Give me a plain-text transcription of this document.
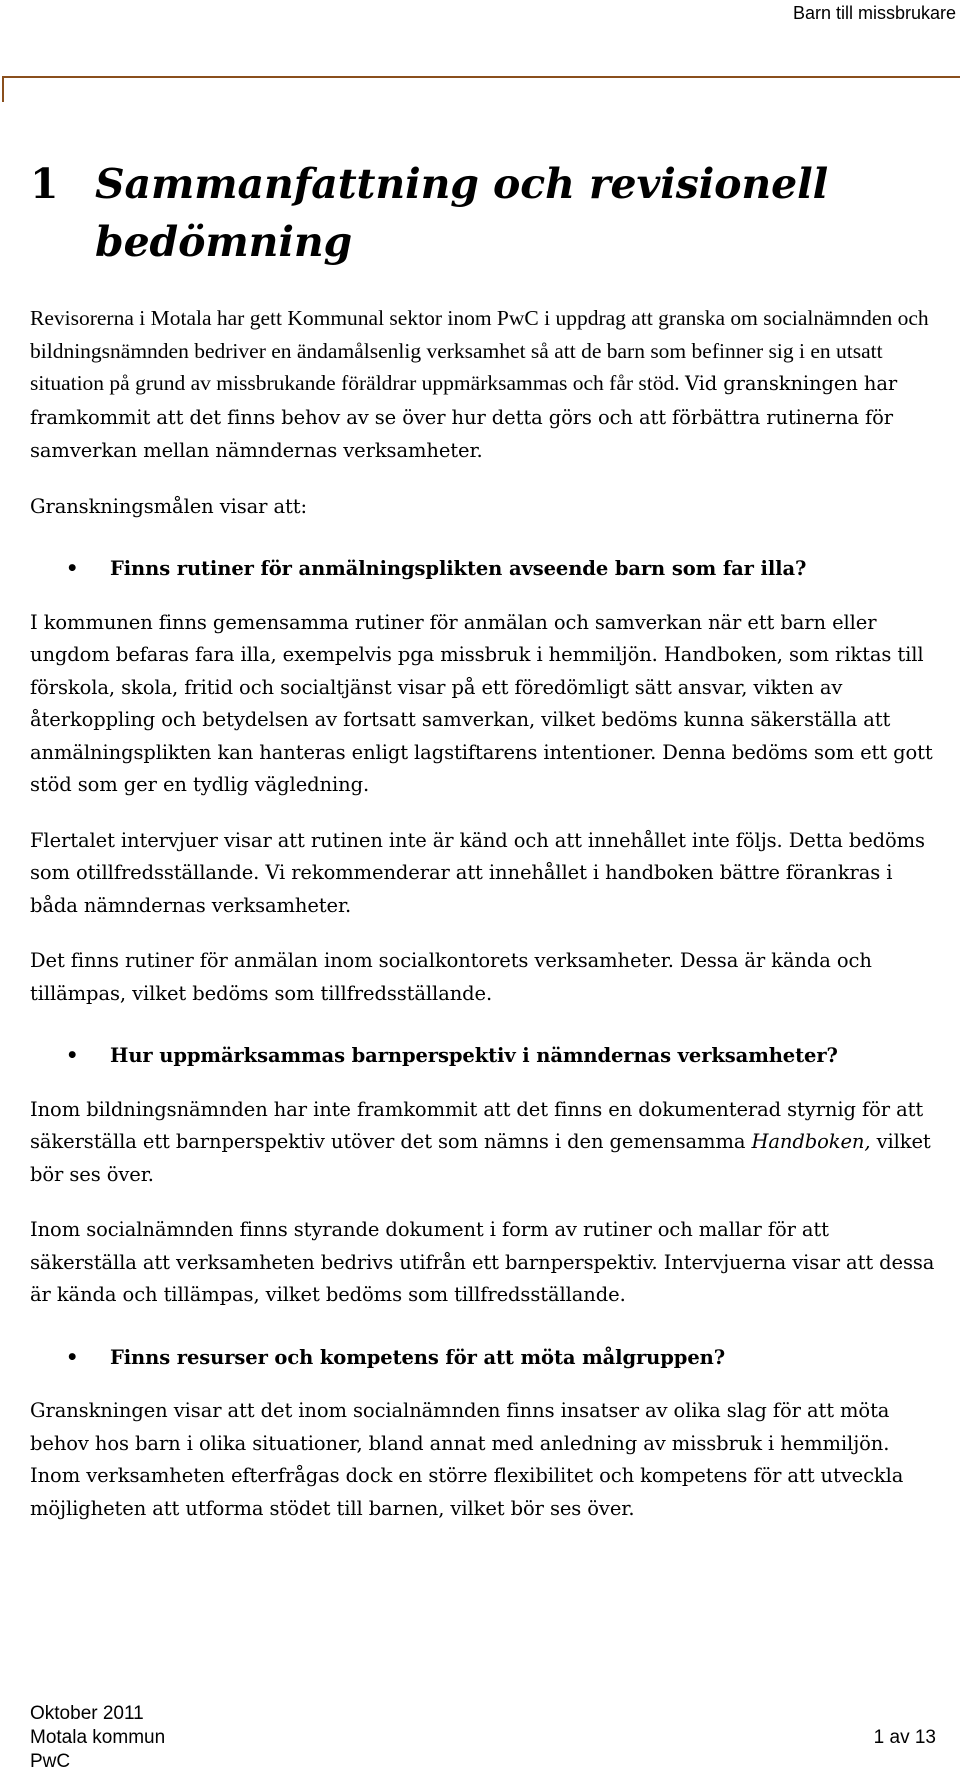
Barn till missbrukare
1 Sammanfattning och revisionell bedömning

Revisorerna i Motala har gett Kommunal sektor inom PwC i uppdrag att granska om socialnämnden och bildningsnämnden bedriver en ändamålsenlig verksamhet så att de barn som befinner sig i en utsatt situation på grund av missbrukande föräldrar uppmärksammas och får stöd. Vid granskningen har framkommit att det finns behov av se över hur detta görs och att förbättra rutinerna för samverkan mellan nämndernas verksamheter.

Granskningsmålen visar att:

•	Finns rutiner för anmälningsplikten avseende barn som far illa?

I kommunen finns gemensamma rutiner för anmälan och samverkan när ett barn eller ungdom befaras fara illa, exempelvis pga missbruk i hemmiljön. Handboken, som riktas till förskola, skola, fritid och socialtjänst visar på ett föredömligt sätt ansvar, vikten av återkoppling och betydelsen av fortsatt samverkan, vilket bedöms kunna säkerställa att anmälningsplikten kan hanteras enligt lagstiftarens intentioner. Denna bedöms som ett gott stöd som ger en tydlig vägledning.

Flertalet intervjuer visar att rutinen inte är känd och att innehållet inte följs. Detta bedöms som otillfredsställande. Vi rekommenderar att innehållet i handboken bättre förankras i båda nämndernas verksamheter.

Det finns rutiner för anmälan inom socialkontorets verksamheter. Dessa är kända och tillämpas, vilket bedöms som tillfredsställande.

•	Hur uppmärksammas barnperspektiv i nämndernas verksamheter?

Inom bildningsnämnden har inte framkommit att det finns en dokumenterad styrnig för att säkerställa ett barnperspektiv utöver det som nämns i den gemensamma Handboken, vilket bör ses över.

Inom socialnämnden finns styrande dokument i form av rutiner och mallar för att säkerställa att verksamheten bedrivs utifrån ett barnperspektiv. Intervjuerna visar att dessa är kända och tillämpas, vilket bedöms som tillfredsställande.

•	Finns resurser och kompetens för att möta målgruppen?

Granskningen visar att det inom socialnämnden finns insatser av olika slag för att möta behov hos barn i olika situationer, bland annat med anledning av missbruk i hemmiljön. Inom verksamheten efterfrågas dock en större flexibilitet och kompetens för att utveckla möjligheten att utforma stödet till barnen, vilket bör ses över.

Oktober 2011
Motala kommun
PwC
1 av 13
